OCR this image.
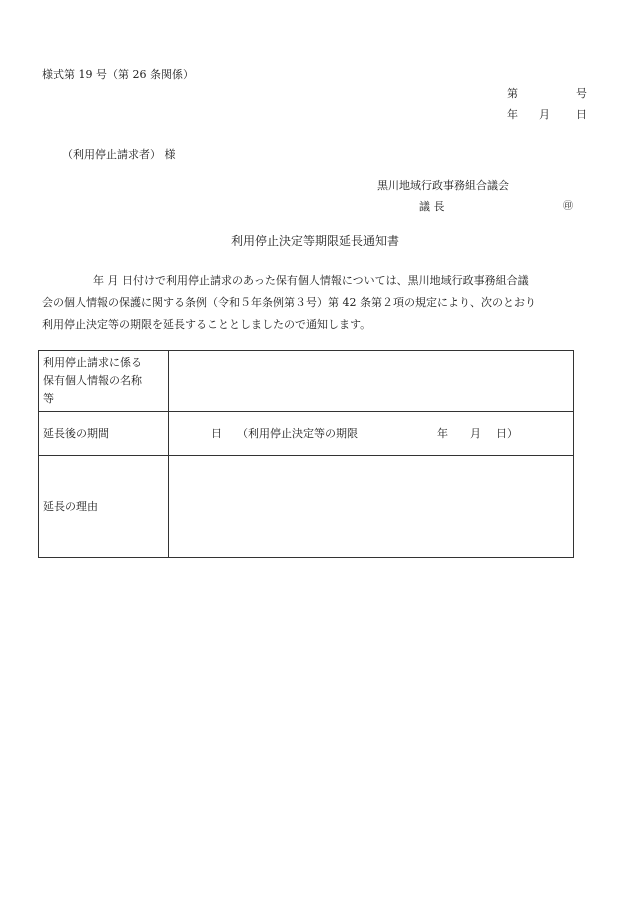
様式第 19 号（第 26 条関係）
第	号
年 月 日
（利用停止請求者） 様
黒川地域行政事務組合議会
議 長	㊞
利用停止決定等期限延長通知書

年 月 日付けで利用停止請求のあった保有個人情報については、黒川地域行政事務組合議

会の個人情報の保護に関する条例（令和５年条例第３号）第 42 条第２項の規定により、次のとおり

利用停止決定等の期限を延長することとしましたので通知します。

利用停止請求に係る
保有個人情報の名称
等	

延長後の期間	日 （利用停止決定等の期限 年 月 日）

延長の理由	
